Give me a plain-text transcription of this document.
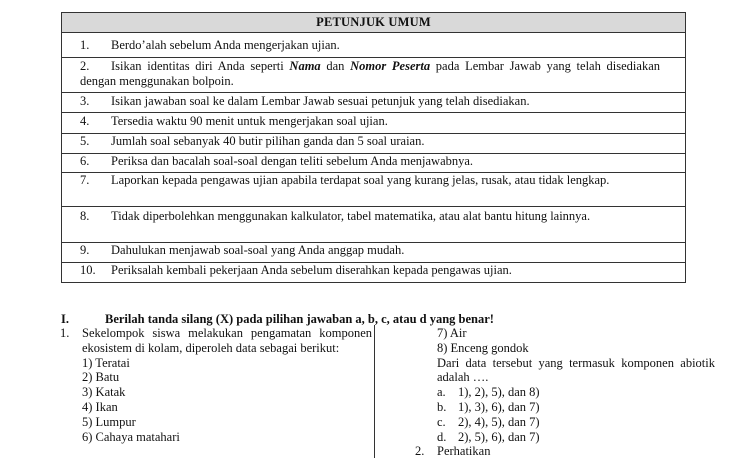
PETUNJUK UMUM
1.	Berdo’alah sebelum Anda mengerjakan ujian.
2.	Isikan identitas diri Anda seperti Nama dan Nomor Peserta pada Lembar Jawab yang telah disediakan dengan menggunakan bolpoin.
3.	Isikan jawaban soal ke dalam Lembar Jawab sesuai petunjuk yang telah disediakan.
4.	Tersedia waktu 90 menit untuk mengerjakan soal ujian.
5.	Jumlah soal sebanyak 40 butir pilihan ganda dan 5 soal uraian.
6.	Periksa dan bacalah soal-soal dengan teliti sebelum Anda menjawabnya.
7.	Laporkan kepada pengawas ujian apabila terdapat soal yang kurang jelas, rusak, atau tidak lengkap.
8.	Tidak diperbolehkan menggunakan kalkulator, tabel matematika, atau alat bantu hitung lainnya.
9.	Dahulukan menjawab soal-soal yang Anda anggap mudah.
10.	Periksalah kembali pekerjaan Anda sebelum diserahkan kepada pengawas ujian.
I.	Berilah tanda silang (X) pada pilihan jawaban a, b, c, atau d yang benar!
1.	Sekelompok siswa melakukan pengamatan komponen ekosistem di kolam, diperoleh data sebagai berikut:
1) Teratai
2) Batu
3) Katak
4) Ikan
5) Lumpur
6) Cahaya matahari
7) Air
8) Enceng gondok
Dari data tersebut yang termasuk komponen abiotik adalah ….
a. 1), 2), 5), dan 8)
b. 1), 3), 6), dan 7)
c. 2), 4), 5), dan 7)
d. 2), 5), 6), dan 7)
2. Perhatikan
